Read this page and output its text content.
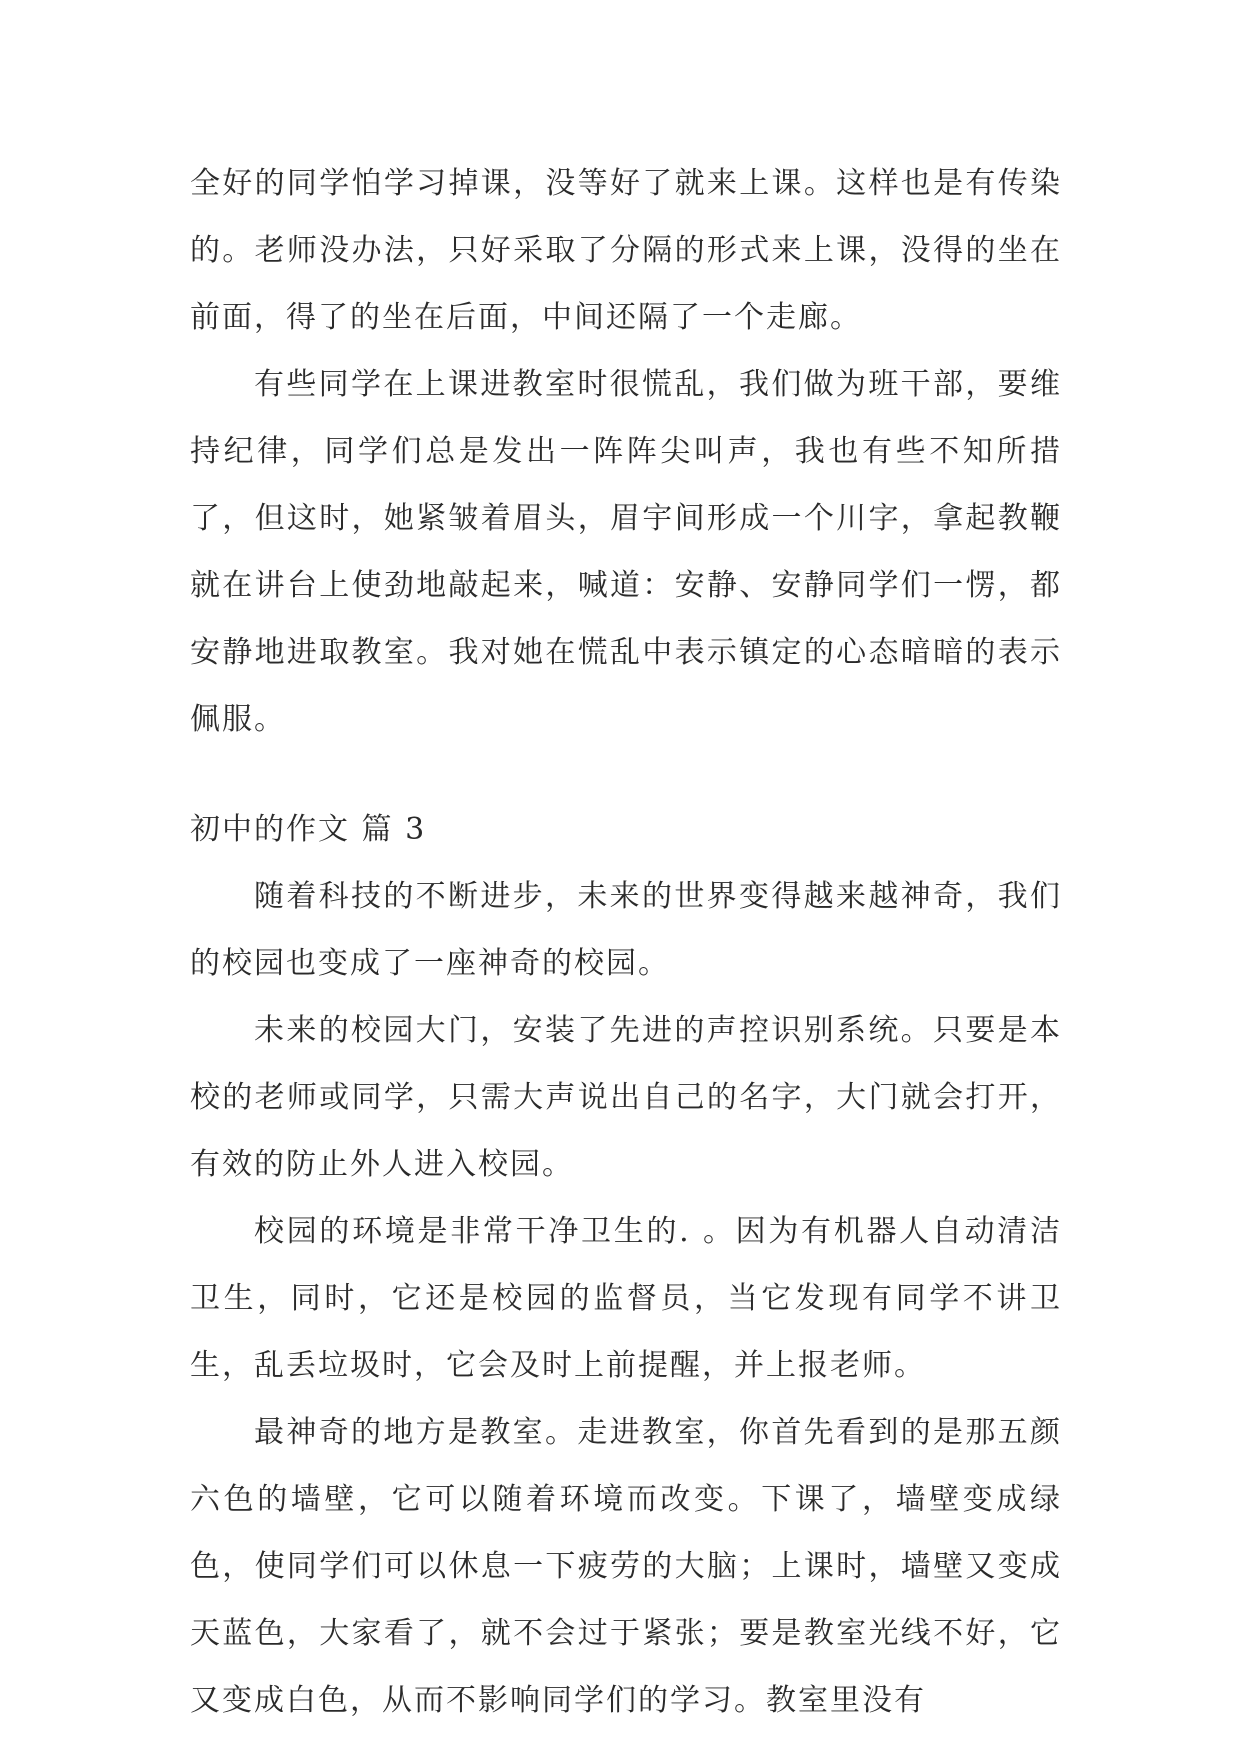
全好的同学怕学习掉课，没等好了就来上课。这样也是有传染的。老师没办法，只好采取了分隔的形式来上课，没得的坐在前面，得了的坐在后面，中间还隔了一个走廊。

有些同学在上课进教室时很慌乱，我们做为班干部，要维持纪律，同学们总是发出一阵阵尖叫声，我也有些不知所措了，但这时，她紧皱着眉头，眉宇间形成一个川字，拿起教鞭就在讲台上使劲地敲起来，喊道：安静、安静同学们一愣，都安静地进取教室。我对她在慌乱中表示镇定的心态暗暗的表示佩服。

初中的作文 篇 3

随着科技的不断进步，未来的世界变得越来越神奇，我们的校园也变成了一座神奇的校园。

未来的校园大门，安装了先进的声控识别系统。只要是本校的老师或同学，只需大声说出自己的名字，大门就会打开，有效的防止外人进入校园。

校园的环境是非常干净卫生的. 。因为有机器人自动清洁卫生，同时，它还是校园的监督员，当它发现有同学不讲卫生，乱丢垃圾时，它会及时上前提醒，并上报老师。

最神奇的地方是教室。走进教室，你首先看到的是那五颜六色的墙壁，它可以随着环境而改变。下课了，墙壁变成绿色，使同学们可以休息一下疲劳的大脑；上课时，墙壁又变成天蓝色，大家看了，就不会过于紧张；要是教室光线不好，它又变成白色，从而不影响同学们的学习。教室里没有
